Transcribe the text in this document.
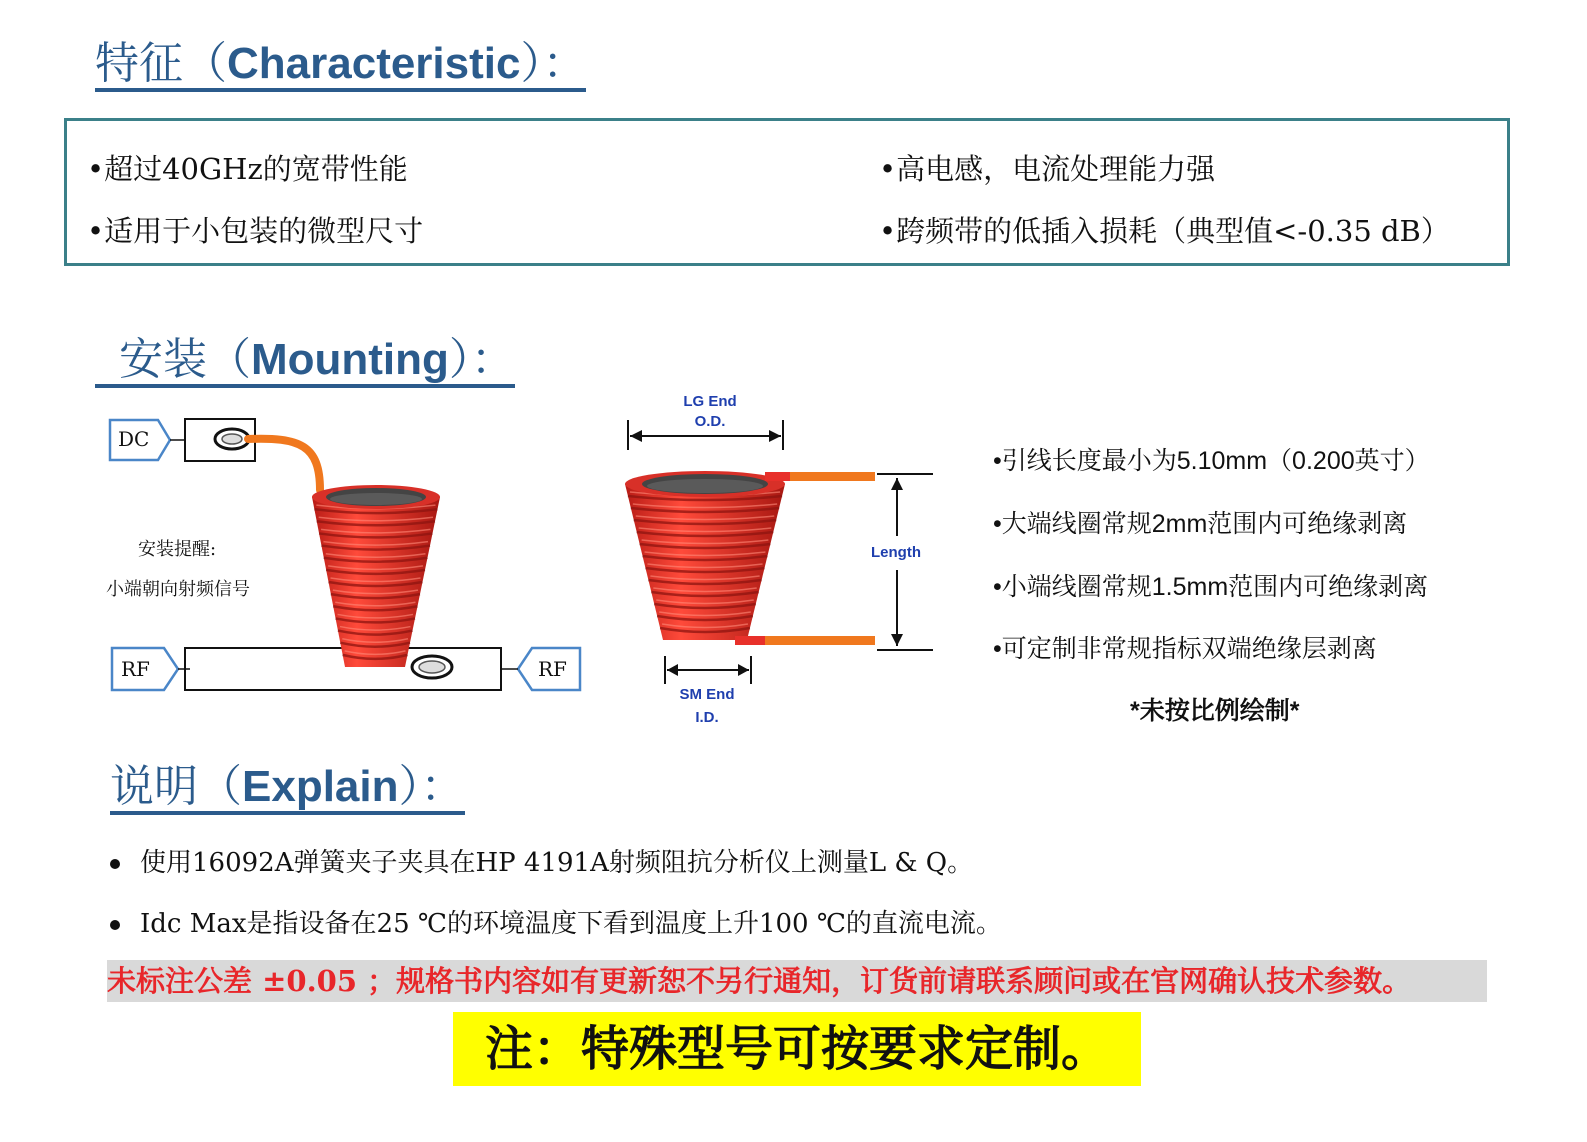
特征（Characteristic）：
•超过40GHz的宽带性能	•高电感，电流处理能力强
•适用于小包装的微型尺寸	•跨频带的低插入损耗（典型值<-0.35 dB）
安装（Mounting）：
DC
RF	RF
安装提醒:
小端朝向射频信号
LG End
O.D.
Length
SM End
I.D.
•引线长度最小为5.10mm（0.200英寸）
•大端线圈常规2mm范围内可绝缘剥离
•小端线圈常规1.5mm范围内可绝缘剥离
•可定制非常规指标双端绝缘层剥离
*未按比例绘制*
说明（Explain）：
使用16092A弹簧夹子夹具在HP 4191A射频阻抗分析仪上测量L & Q。
Idc Max是指设备在25 ℃的环境温度下看到温度上升100 ℃的直流电流。
未标注公差 ±0.05 ；规格书内容如有更新恕不另行通知，订货前请联系顾问或在官网确认技术参数。
注：特殊型号可按要求定制。
